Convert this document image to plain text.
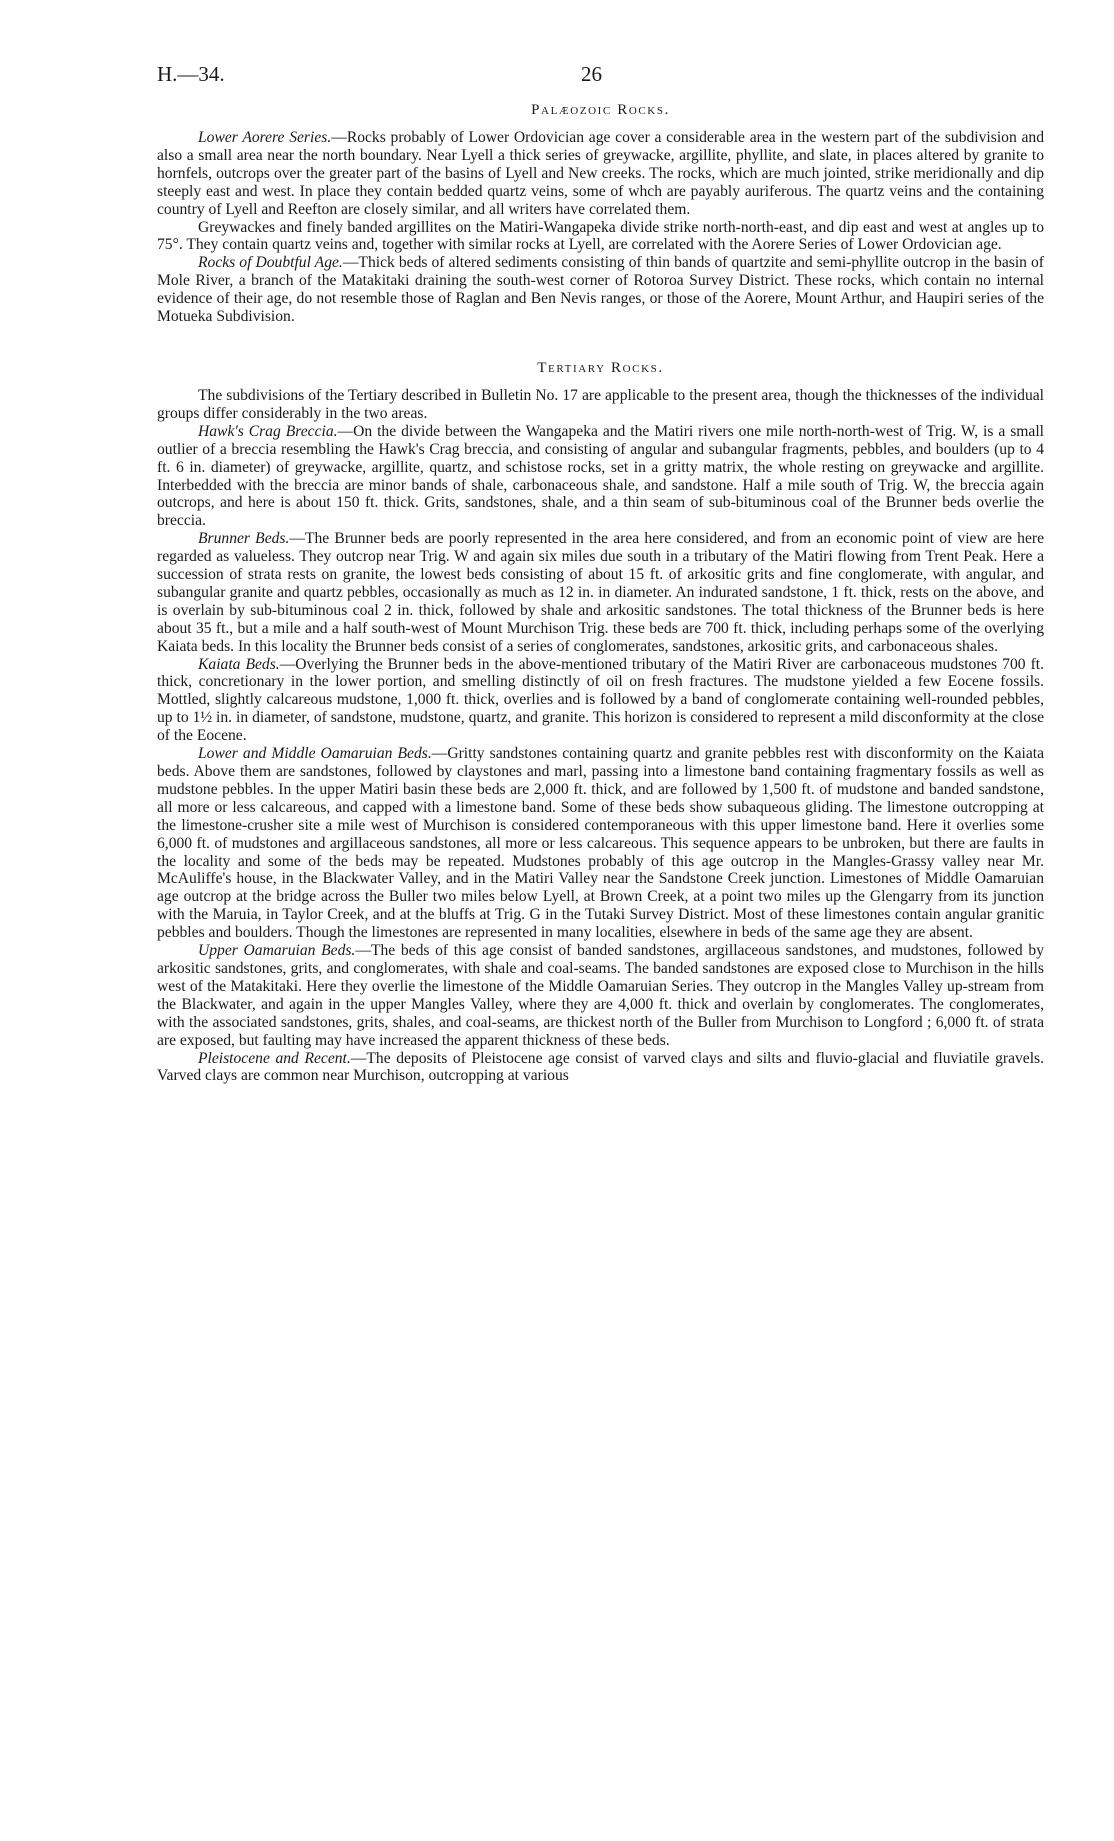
H.—34.	26
Palæozoic Rocks.

Lower Aorere Series.—Rocks probably of Lower Ordovician age cover a considerable area in the western part of the subdivision and also a small area near the north boundary. Near Lyell a thick series of greywacke, argillite, phyllite, and slate, in places altered by granite to hornfels, outcrops over the greater part of the basins of Lyell and New creeks. The rocks, which are much jointed, strike meridionally and dip steeply east and west. In place they contain bedded quartz veins, some of whch are payably auriferous. The quartz veins and the containing country of Lyell and Reefton are closely similar, and all writers have correlated them.

Greywackes and finely banded argillites on the Matiri-Wangapeka divide strike north-north-east, and dip east and west at angles up to 75°. They contain quartz veins and, together with similar rocks at Lyell, are correlated with the Aorere Series of Lower Ordovician age.

Rocks of Doubtful Age.—Thick beds of altered sediments consisting of thin bands of quartzite and semi-phyllite outcrop in the basin of Mole River, a branch of the Matakitaki draining the south-west corner of Rotoroa Survey District. These rocks, which contain no internal evidence of their age, do not resemble those of Raglan and Ben Nevis ranges, or those of the Aorere, Mount Arthur, and Haupiri series of the Motueka Subdivision.

Tertiary Rocks.

The subdivisions of the Tertiary described in Bulletin No. 17 are applicable to the present area, though the thicknesses of the individual groups differ considerably in the two areas.

Hawk's Crag Breccia.—On the divide between the Wangapeka and the Matiri rivers one mile north-north-west of Trig. W, is a small outlier of a breccia resembling the Hawk's Crag breccia, and consisting of angular and subangular fragments, pebbles, and boulders (up to 4 ft. 6 in. diameter) of greywacke, argillite, quartz, and schistose rocks, set in a gritty matrix, the whole resting on greywacke and argillite. Interbedded with the breccia are minor bands of shale, carbonaceous shale, and sandstone. Half a mile south of Trig. W, the breccia again outcrops, and here is about 150 ft. thick. Grits, sandstones, shale, and a thin seam of sub-bituminous coal of the Brunner beds overlie the breccia.

Brunner Beds.—The Brunner beds are poorly represented in the area here considered, and from an economic point of view are here regarded as valueless. They outcrop near Trig. W and again six miles due south in a tributary of the Matiri flowing from Trent Peak. Here a succession of strata rests on granite, the lowest beds consisting of about 15 ft. of arkositic grits and fine conglomerate, with angular, and subangular granite and quartz pebbles, occasionally as much as 12 in. in diameter. An indurated sandstone, 1 ft. thick, rests on the above, and is overlain by sub-bituminous coal 2 in. thick, followed by shale and arkositic sandstones. The total thickness of the Brunner beds is here about 35 ft., but a mile and a half south-west of Mount Murchison Trig. these beds are 700 ft. thick, including perhaps some of the overlying Kaiata beds. In this locality the Brunner beds consist of a series of conglomerates, sandstones, arkositic grits, and carbonaceous shales.

Kaiata Beds.—Overlying the Brunner beds in the above-mentioned tributary of the Matiri River are carbonaceous mudstones 700 ft. thick, concretionary in the lower portion, and smelling distinctly of oil on fresh fractures. The mudstone yielded a few Eocene fossils. Mottled, slightly calcareous mudstone, 1,000 ft. thick, overlies and is followed by a band of conglomerate containing well-rounded pebbles, up to 1½ in. in diameter, of sandstone, mudstone, quartz, and granite. This horizon is considered to represent a mild disconformity at the close of the Eocene.

Lower and Middle Oamaruian Beds.—Gritty sandstones containing quartz and granite pebbles rest with disconformity on the Kaiata beds. Above them are sandstones, followed by claystones and marl, passing into a limestone band containing fragmentary fossils as well as mudstone pebbles. In the upper Matiri basin these beds are 2,000 ft. thick, and are followed by 1,500 ft. of mudstone and banded sandstone, all more or less calcareous, and capped with a limestone band. Some of these beds show subaqueous gliding. The limestone outcropping at the limestone-crusher site a mile west of Murchison is considered contemporaneous with this upper limestone band. Here it overlies some 6,000 ft. of mudstones and argillaceous sandstones, all more or less calcareous. This sequence appears to be unbroken, but there are faults in the locality and some of the beds may be repeated. Mudstones probably of this age outcrop in the Mangles-Grassy valley near Mr. McAuliffe's house, in the Blackwater Valley, and in the Matiri Valley near the Sandstone Creek junction. Limestones of Middle Oamaruian age outcrop at the bridge across the Buller two miles below Lyell, at Brown Creek, at a point two miles up the Glengarry from its junction with the Maruia, in Taylor Creek, and at the bluffs at Trig. G in the Tutaki Survey District. Most of these limestones contain angular granitic pebbles and boulders. Though the limestones are represented in many localities, elsewhere in beds of the same age they are absent.

Upper Oamaruian Beds.—The beds of this age consist of banded sandstones, argillaceous sandstones, and mudstones, followed by arkositic sandstones, grits, and conglomerates, with shale and coal-seams. The banded sandstones are exposed close to Murchison in the hills west of the Matakitaki. Here they overlie the limestone of the Middle Oamaruian Series. They outcrop in the Mangles Valley up-stream from the Blackwater, and again in the upper Mangles Valley, where they are 4,000 ft. thick and overlain by conglomerates. The conglomerates, with the associated sandstones, grits, shales, and coal-seams, are thickest north of the Buller from Murchison to Longford ; 6,000 ft. of strata are exposed, but faulting may have increased the apparent thickness of these beds.

Pleistocene and Recent.—The deposits of Pleistocene age consist of varved clays and silts and fluvio-glacial and fluviatile gravels. Varved clays are common near Murchison, outcropping at various
